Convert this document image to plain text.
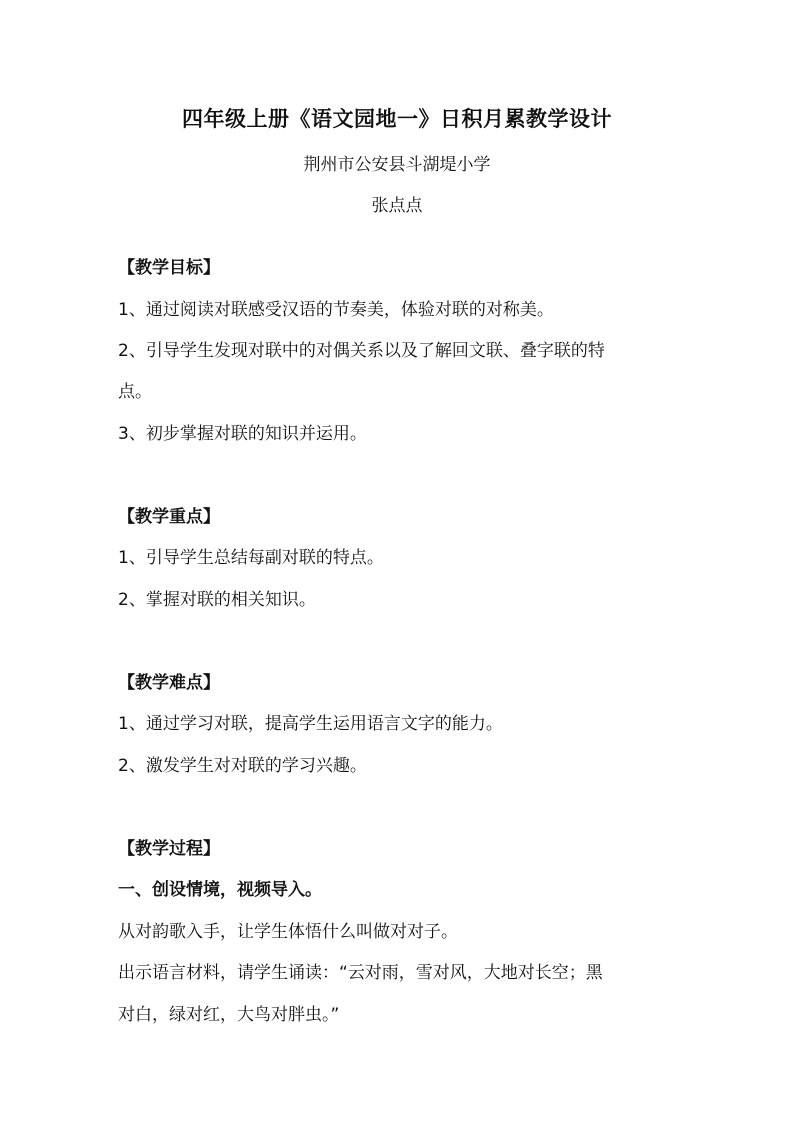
四年级上册《语文园地一》日积月累教学设计
荆州市公安县斗湖堤小学
张点点
【教学目标】
1、通过阅读对联感受汉语的节奏美，体验对联的对称美。
2、引导学生发现对联中的对偶关系以及了解回文联、叠字联的特
点。
3、初步掌握对联的知识并运用。
【教学重点】
1、引导学生总结每副对联的特点。
2、掌握对联的相关知识。
【教学难点】
1、通过学习对联，提高学生运用语言文字的能力。
2、激发学生对对联的学习兴趣。
【教学过程】
一、创设情境，视频导入。
从对韵歌入手，让学生体悟什么叫做对对子。
出示语言材料，请学生诵读：“云对雨，雪对风，大地对长空；黑
对白，绿对红，大鸟对胖虫。”
